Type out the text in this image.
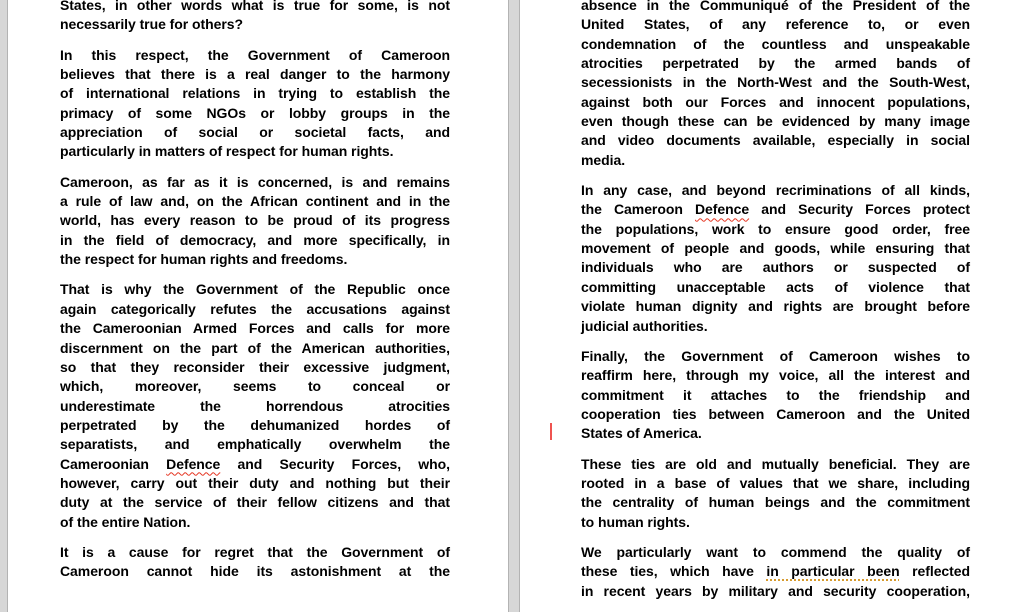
States, in other words what is true for some, is not
necessarily true for others?
In this respect, the Government of Cameroon
believes that there is a real danger to the harmony
of international relations in trying to establish the
primacy of some NGOs or lobby groups in the
appreciation of social or societal facts, and
particularly in matters of respect for human rights.
Cameroon, as far as it is concerned, is and remains
a rule of law and, on the African continent and in the
world, has every reason to be proud of its progress
in the field of democracy, and more specifically, in
the respect for human rights and freedoms.
That is why the Government of the Republic once
again categorically refutes the accusations against
the Cameroonian Armed Forces and calls for more
discernment on the part of the American authorities,
so that they reconsider their excessive judgment,
which, moreover, seems to conceal or
underestimate the horrendous atrocities
perpetrated by the dehumanized hordes of
separatists, and emphatically overwhelm the
Cameroonian Defence and Security Forces, who,
however, carry out their duty and nothing but their
duty at the service of their fellow citizens and that
of the entire Nation.
It is a cause for regret that the Government of
Cameroon cannot hide its astonishment at the
absence in the Communiqué of the President of the
United States, of any reference to, or even
condemnation of the countless and unspeakable
atrocities perpetrated by the armed bands of
secessionists in the North-West and the South-West,
against both our Forces and innocent populations,
even though these can be evidenced by many image
and video documents available, especially in social
media.
In any case, and beyond recriminations of all kinds,
the Cameroon Defence and Security Forces protect
the populations, work to ensure good order, free
movement of people and goods, while ensuring that
individuals who are authors or suspected of
committing unacceptable acts of violence that
violate human dignity and rights are brought before
judicial authorities.
Finally, the Government of Cameroon wishes to
reaffirm here, through my voice, all the interest and
commitment it attaches to the friendship and
cooperation ties between Cameroon and the United
States of America.
These ties are old and mutually beneficial. They are
rooted in a base of values that we share, including
the centrality of human beings and the commitment
to human rights.
We particularly want to commend the quality of
these ties, which have in particular been reflected
in recent years by military and security cooperation,
